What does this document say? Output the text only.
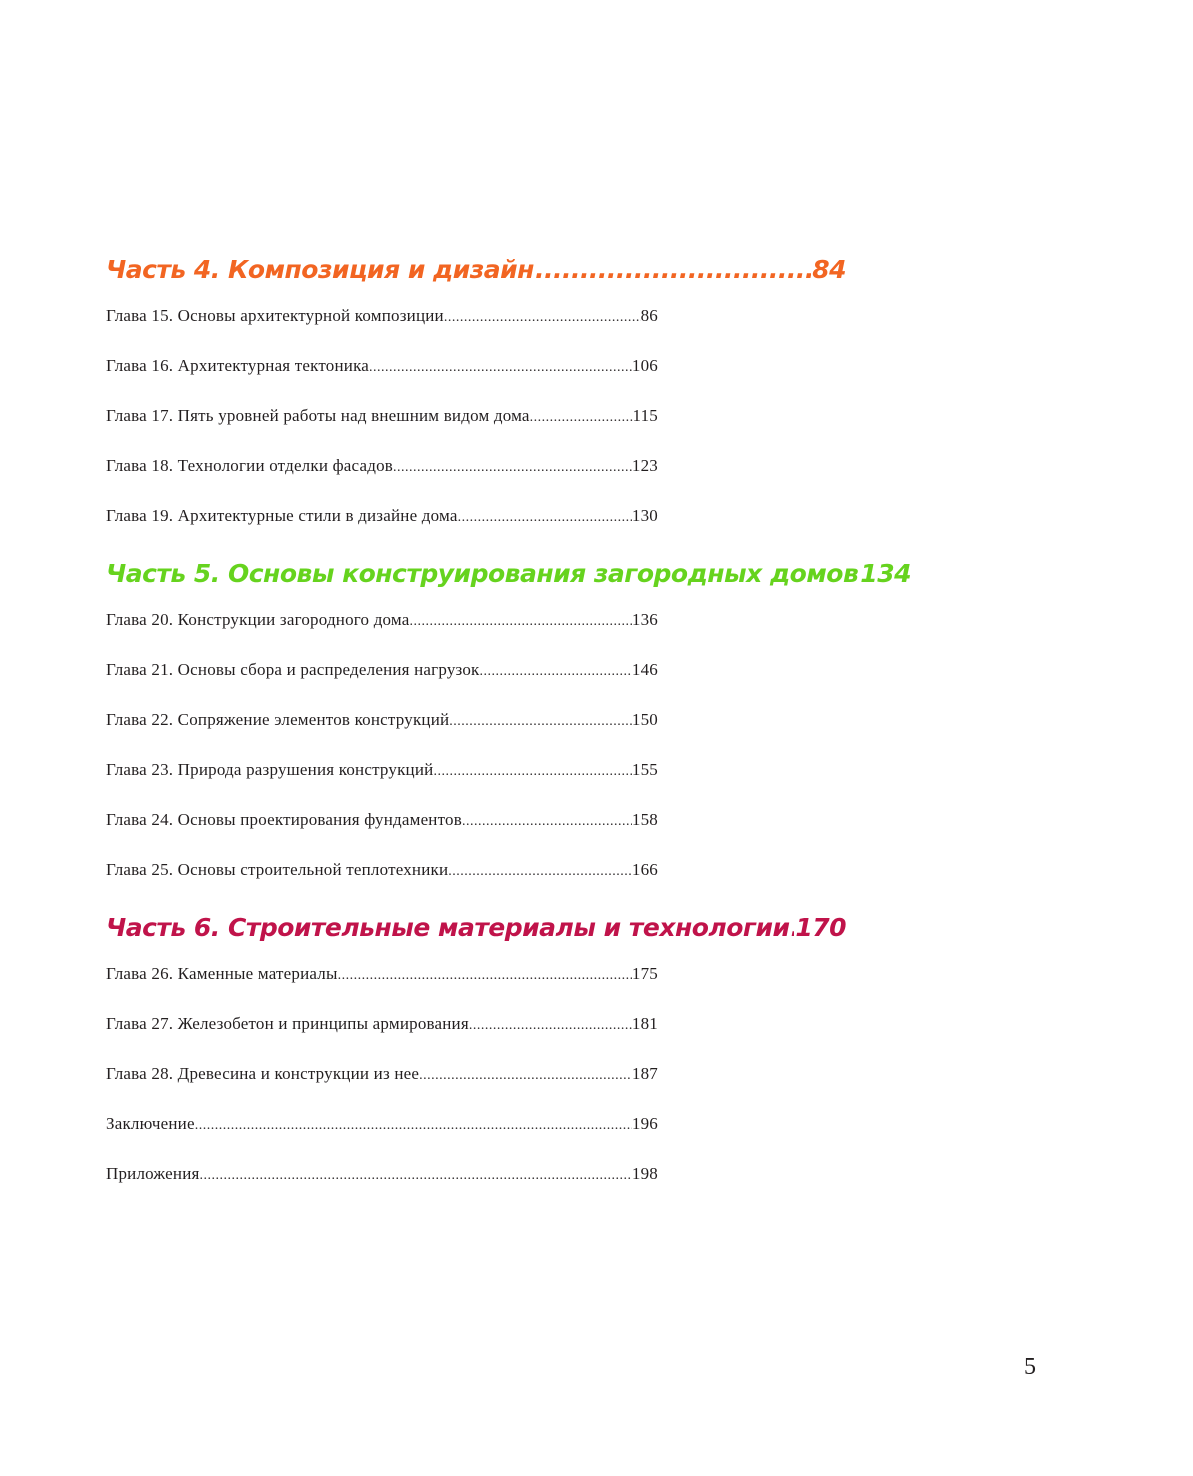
Часть 4. Композиция и дизайн .....	84
Глава 15. Основы архитектурной композиции .....	86
Глава 16. Архитектурная тектоника .....	106
Глава 17. Пять уровней работы над внешним видом дома .....	115
Глава 18. Технологии отделки фасадов .....	123
Глава 19. Архитектурные стили в дизайне дома .....	130
Часть 5. Основы конструирования загородных домов 134
Глава 20. Конструкции загородного дома .....	136
Глава 21. Основы сбора и распределения нагрузок .....	146
Глава 22. Сопряжение элементов конструкций .....	150
Глава 23. Природа разрушения конструкций .....	155
Глава 24. Основы проектирования фундаментов .....	158
Глава 25. Основы строительной теплотехники .....	166
Часть 6. Строительные материалы и технологии ..... 170
Глава 26. Каменные материалы .....	175
Глава 27. Железобетон и принципы армирования .....	181
Глава 28. Древесина и конструкции из нее .....	187
Заключение .....	196
Приложения .....	198
5
